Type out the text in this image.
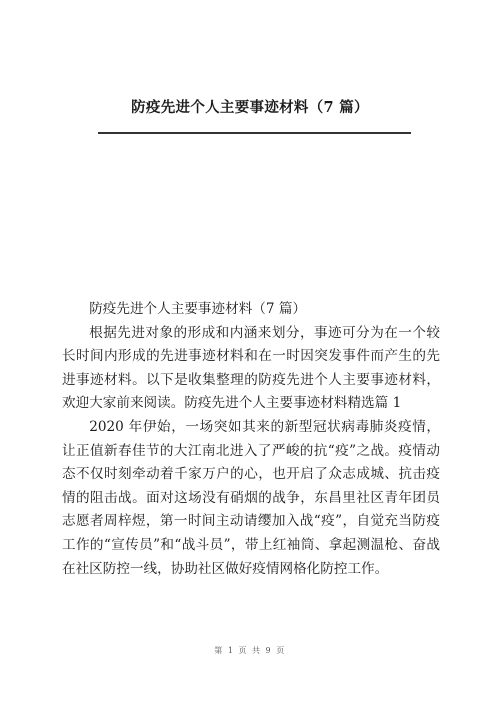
防疫先进个人主要事迹材料（7 篇）

防疫先进个人主要事迹材料（7 篇）

根据先进对象的形成和内涵来划分，事迹可分为在一个较长时间内形成的先进事迹材料和在一时因突发事件而产生的先进事迹材料。以下是收集整理的防疫先进个人主要事迹材料，欢迎大家前来阅读。防疫先进个人主要事迹材料精选篇 1

2020 年伊始，一场突如其来的新型冠状病毒肺炎疫情，让正值新春佳节的大江南北进入了严峻的抗“疫”之战。疫情动态不仅时刻牵动着千家万户的心，也开启了众志成城、抗击疫情的阻击战。面对这场没有硝烟的战争，东昌里社区青年团员志愿者周梓煜，第一时间主动请缨加入战“疫”，自觉充当防疫工作的“宣传员”和“战斗员”，带上红袖筒、拿起测温枪、奋战在社区防控一线，协助社区做好疫情网格化防控工作。

第 1 页 共 9 页
